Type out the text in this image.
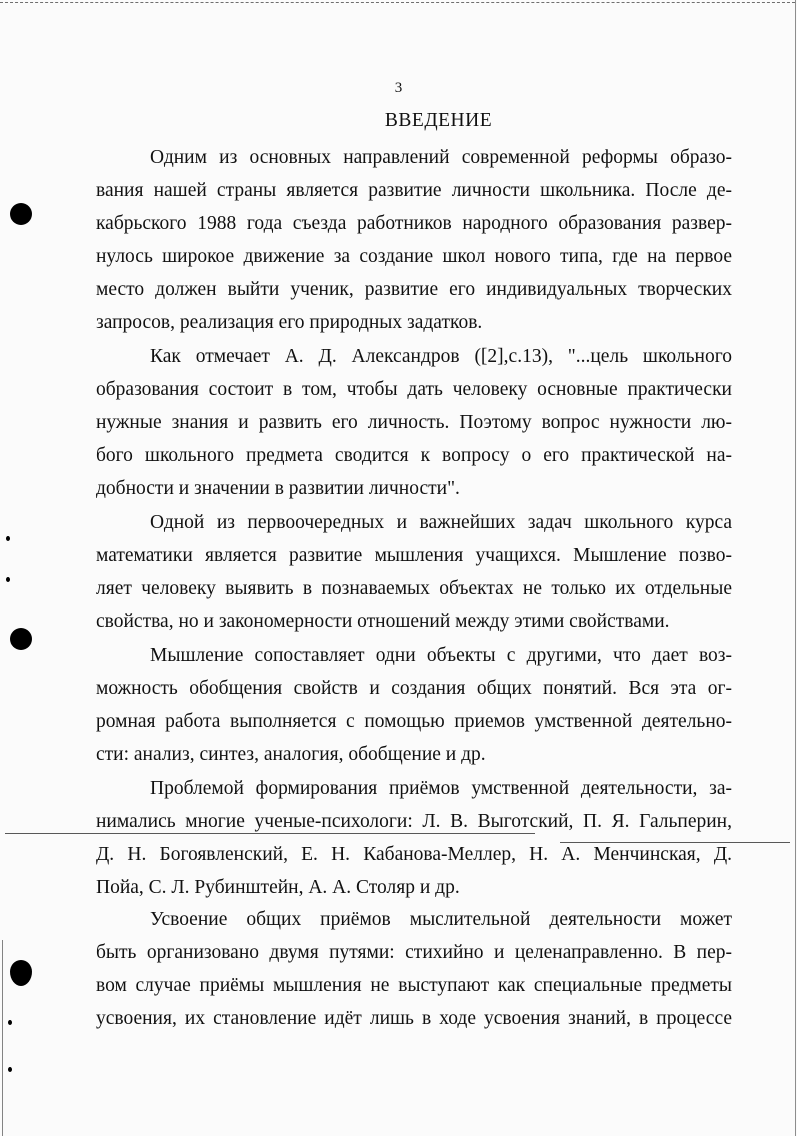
3
ВВЕДЕНИЕ
Одним из основных направлений современной реформы образо-
вания нашей страны является развитие личности школьника. После де-
кабрьского 1988 года съезда работников народного образования развер-
нулось широкое движение за создание школ нового типа, где на первое
место должен выйти ученик, развитие его индивидуальных творческих
запросов, реализация его природных задатков.
Как отмечает А. Д. Александров ([2],с.13), "...цель школьного
образования состоит в том, чтобы дать человеку основные практически
нужные знания и развить его личность. Поэтому вопрос нужности лю-
бого школьного предмета сводится к вопросу о его практической на-
добности и значении в развитии личности".
Одной из первоочередных и важнейших задач школьного курса
математики является развитие мышления учащихся. Мышление позво-
ляет человеку выявить в познаваемых объектах не только их отдельные
свойства, но и закономерности отношений между этими свойствами.
Мышление сопоставляет одни объекты с другими, что дает воз-
можность обобщения свойств и создания общих понятий. Вся эта ог-
ромная работа выполняется с помощью приемов умственной деятельно-
сти: анализ, синтез, аналогия, обобщение и др.
Проблемой формирования приёмов умственной деятельности, за-
нимались многие ученые-психологи: Л. В. Выготский, П. Я. Гальперин,
Д. Н. Богоявленский, Е. Н. Кабанова-Меллер, Н. А. Менчинская, Д.
Пойа, С. Л. Рубинштейн, А. А. Столяр и др.
Усвоение общих приёмов мыслительной деятельности может
быть организовано двумя путями: стихийно и целенаправленно. В пер-
вом случае приёмы мышления не выступают как специальные предметы
усвоения, их становление идёт лишь в ходе усвоения знаний, в процессе
